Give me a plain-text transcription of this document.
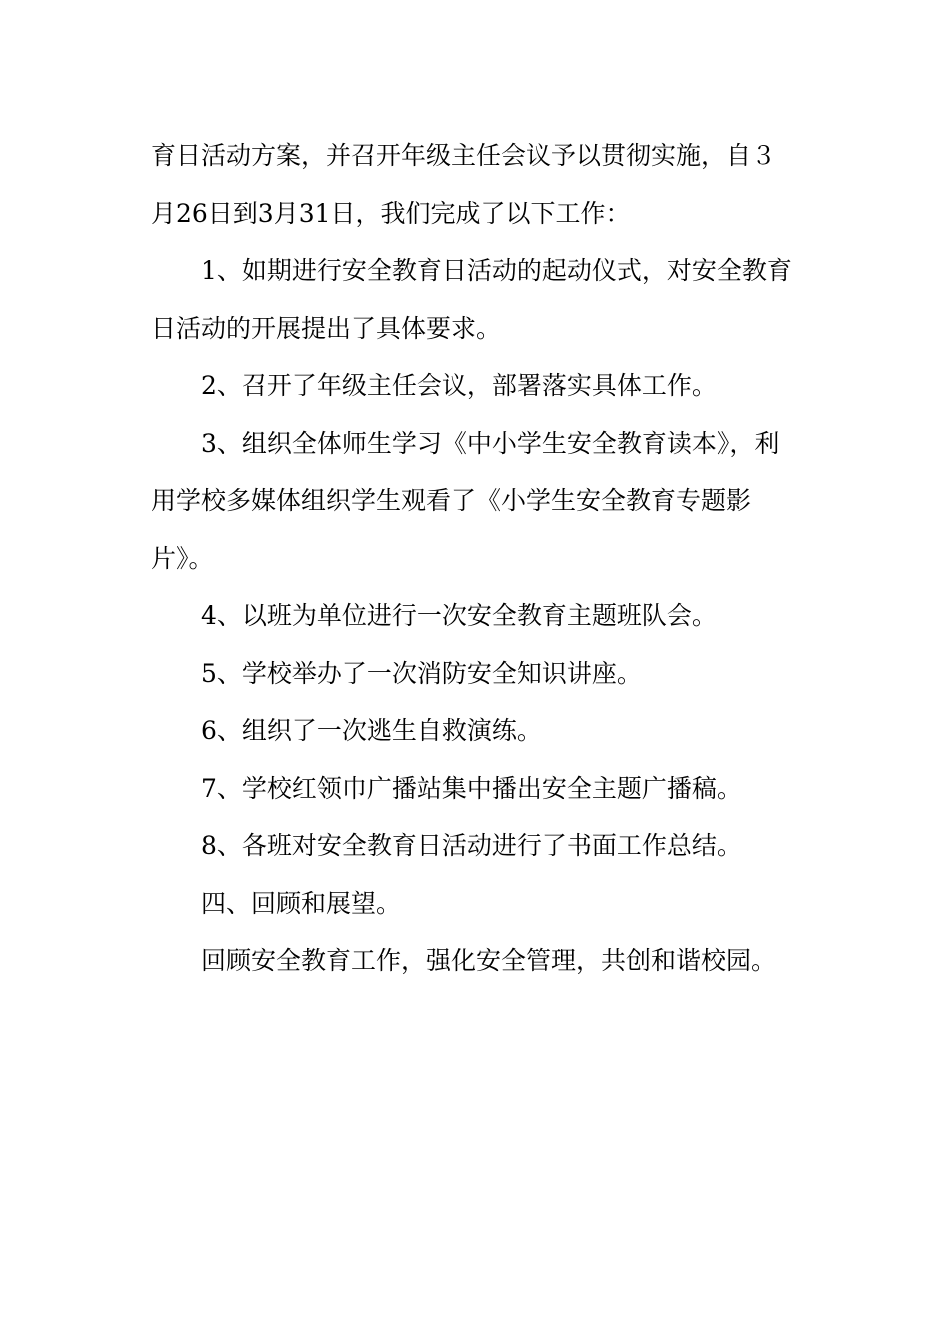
育日活动方案，并召开年级主任会议予以贯彻实施，自３
月26日到3月31日，我们完成了以下工作：

1、如期进行安全教育日活动的起动仪式，对安全教育
日活动的开展提出了具体要求。

2、召开了年级主任会议，部署落实具体工作。

3、组织全体师生学习《中小学生安全教育读本》，利
用学校多媒体组织学生观看了《小学生安全教育专题影
片》。

4、以班为单位进行一次安全教育主题班队会。

5、学校举办了一次消防安全知识讲座。

6、组织了一次逃生自救演练。

7、学校红领巾广播站集中播出安全主题广播稿。

8、各班对安全教育日活动进行了书面工作总结。

四、回顾和展望。

回顾安全教育工作，强化安全管理，共创和谐校园。
